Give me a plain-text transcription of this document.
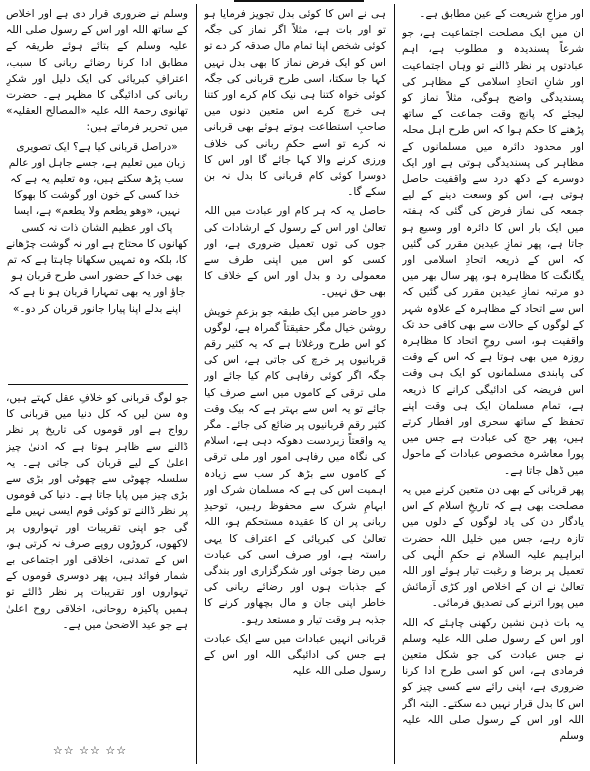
اور مزاجِ شریعت کے عین مطابق ہے۔

ان میں ایک مصلحت اجتماعیت ہے، جو شرعاً پسندیدہ و مطلوب ہے، اہم عبادتوں پر نظر ڈالنے تو وہاں اجتماعیت اور شانِ اتحادِ اسلامی کے مظاہر کی پسندیدگی واضح ہوگی، مثلاً نماز کو لیجئے کہ پانچ وقت جماعت کے ساتھ پڑھنے کا حکم ہوا کہ اس طرح اہل محلہ اور محدود دائرہ میں مسلمانوں کے مظاہر کی پسندیدگی ہوتی ہے اور ایک دوسرے کے دکھ درد سے واقفیت حاصل ہوتی ہے، اس کو وسعت دینے کے لیے جمعہ کی نماز فرض کی گئی کہ ہفتہ میں ایک بار اس کا دائرہ اور وسیع ہو جاتا ہے، پھر نمازِ عیدین مقرر کی گئیں کہ اس کے ذریعہ اتحادِ اسلامی اور یگانگت کا مظاہرہ ہو، پھر سال بھر میں دو مرتبہ نمازِ عیدین مقرر کی گئیں کہ اس سے اتحاد کے مظاہرہ کے علاوہ شہر کے لوگوں کے حالات سے بھی کافی حد تک واقفیت ہو، اسی روحِ اتحاد کا مظاہرہ روزہ میں بھی ہوتا ہے کہ اس کے وقت کی پابندی مسلمانوں کو ایک ہی وقت اس فریضہ کی ادائیگی کرانے کا ذریعہ ہے، تمام مسلمان ایک ہی وقت اپنے تحفظ کے ساتھ سحری اور افطار کرتے ہیں، پھر حج کی عبادت ہے جس میں پورا معاشرہ مخصوص عبادات کے ماحول میں ڈھل جاتا ہے۔

پھر قربانی کے بھی دن متعین کرنے میں یہ مصلحت بھی ہے کہ تاریخِ اسلام کے اس یادگار دن کی یاد لوگوں کے دلوں میں تازہ رہے، جس میں خلیل اللہ حضرت ابراہیم علیہ السلام نے حکمِ الٰہی کی تعمیل پر برضا و رغبت تیار ہوئے اور اللہ تعالیٰ نے ان کے اخلاص اور کڑی آزمائش میں پورا اترنے کی تصدیق فرمائی۔

یہ بات ذہن نشین رکھنی چاہئے کہ اللہ اور اس کے رسول صلی اللہ علیہ وسلم نے جس عبادت کی جو شکل متعین فرمادی ہے، اس کو اسی طرح ادا کرنا ضروری ہے، اپنی رائے سے کسی چیز کو اس کا بدل قرار نہیں دے سکتے۔ البتہ اگر اللہ اور اس کے رسول صلی اللہ علیہ وسلم

ہی نے اس کا کوئی بدل تجویز فرمایا ہو تو اور بات ہے، مثلاً اگر نماز کی جگہ کوئی شخص اپنا تمام مال صدقہ کر دے تو اس کو ایک فرض نماز کا بھی بدل نہیں کہا جا سکتا، اسی طرح قربانی کی جگہ کوئی خواہ کتنا ہی نیک کام کرے اور کتنا ہی خرچ کرے اس متعین دنوں میں صاحبِ استطاعت ہوتے ہوئے بھی قربانی نہ کرے تو اسے حکمِ ربانی کی خلاف ورزی کرنے والا کہا جائے گا اور اس کا دوسرا کوئی کام قربانی کا بدل نہ بن سکے گا۔

حاصل یہ کہ ہر کام اور عبادت میں اللہ تعالیٰ اور اس کے رسول کے ارشادات کی جوں کی توں تعمیل ضروری ہے، اور کسی کو اس میں اپنی طرف سے معمولی رد و بدل اور اس کے خلاف کا بھی حق نہیں۔

دورِ حاضر میں ایک طبقہ جو بزعمِ خویش روشن خیال مگر حقیقتاً گمراہ ہے، لوگوں کو اس طرح ورغلاتا ہے کہ یہ کثیر رقم قربانیوں پر خرچ کی جاتی ہے، اس کی جگہ اگر کوئی رفاہی کام کیا جائے اور ملی ترقی کے کاموں میں اسے صرف کیا جائے تو یہ اس سے بہتر ہے کہ بیک وقت کثیر رقم قربانیوں پر ضائع کی جائے۔ مگر یہ واقعتاً زبردست دھوکہ دہی ہے، اسلام کی نگاہ میں رفاہی امور اور ملی ترقی کے کاموں سے بڑھ کر سب سے زیادہ اہمیت اس کی ہے کہ مسلمان شرک اور ابہامِ شرک سے محفوظ رہیں، توحیدِ ربانی پر ان کا عقیدہ مستحکم ہو، اللہ تعالیٰ کی کبریائی کے اعتراف کا یہی راستہ ہے، اور صرف اسی کی عبادت میں رضا جوئی اور شکرگزاری اور بندگی کے جذبات ہوں اور رضائے ربانی کی خاطر اپنی جان و مال بچھاور کرنے کا جذبہ ہر وقت تیار و مستعد رہو۔

قربانی انہیں عبادات میں سے ایک عبادت ہے جس کی ادائیگی اللہ اور اس کے رسول صلی اللہ علیہ

وسلم نے ضروری قرار دی ہے اور اخلاص کے ساتھ اللہ اور اس کے رسول صلی اللہ علیہ وسلم کے بتائے ہوئے طریقہ کے مطابق ادا کرنا رضائے ربانی کا سبب، اعترافِ کبریائی کی ایک دلیل اور شکرِ ربانی کی ادائیگی کا مظہر ہے۔ حضرت تھانوی رحمۃ اللہ علیہ «المصالح العقلیہ» میں تحریر فرماتے ہیں:

«دراصل قربانی کیا ہے؟ ایک تصویری زبان میں تعلیم ہے، جسے جاہل اور عالم سب پڑھ سکتے ہیں، وہ تعلیم یہ ہے کہ خدا کسی کے خون اور گوشت کا بھوکا نہیں، «وھو یطعم ولا یطعم» ہے، ایسا پاک اور عظیم الشان ذات نہ کسی کھانوں کا محتاج ہے اور نہ گوشت چڑھانے کا، بلکہ وہ تمہیں سکھانا چاہتا ہے کہ تم بھی خدا کے حضور اسی طرح قربان ہو جاؤ اور یہ بھی تمہارا قربان ہو نا ہے کہ اپنے بدلے اپنا پیارا جانور قربان کر دو۔»

جو لوگ قربانی کو خلافِ عقل کہتے ہیں، وہ سن لیں کہ کل دنیا میں قربانی کا رواج ہے اور قوموں کی تاریخ پر نظر ڈالنے سے ظاہر ہوتا ہے کہ ادنیٰ چیز اعلیٰ کے لیے قربان کی جاتی ہے۔ یہ سلسلہ چھوٹی سے چھوٹی اور بڑی سے بڑی چیز میں پایا جاتا ہے۔ دنیا کی قوموں پر نظر ڈالنے تو کوئی قوم ایسی نہیں ملے گی جو اپنی تقریبات اور تہواروں پر لاکھوں، کروڑوں روپے صرف نہ کرتی ہو، اس کے تمدنی، اخلاقی اور اجتماعی بے شمار فوائد ہیں، پھر دوسری قوموں کے تہواروں اور تقریبات پر نظر ڈالئے تو ہمیں پاکیزہ روحانی، اخلاقی روح اعلیٰ ہے جو عید الاضحیٰ میں ہے۔

☆☆ ☆☆ ☆☆
